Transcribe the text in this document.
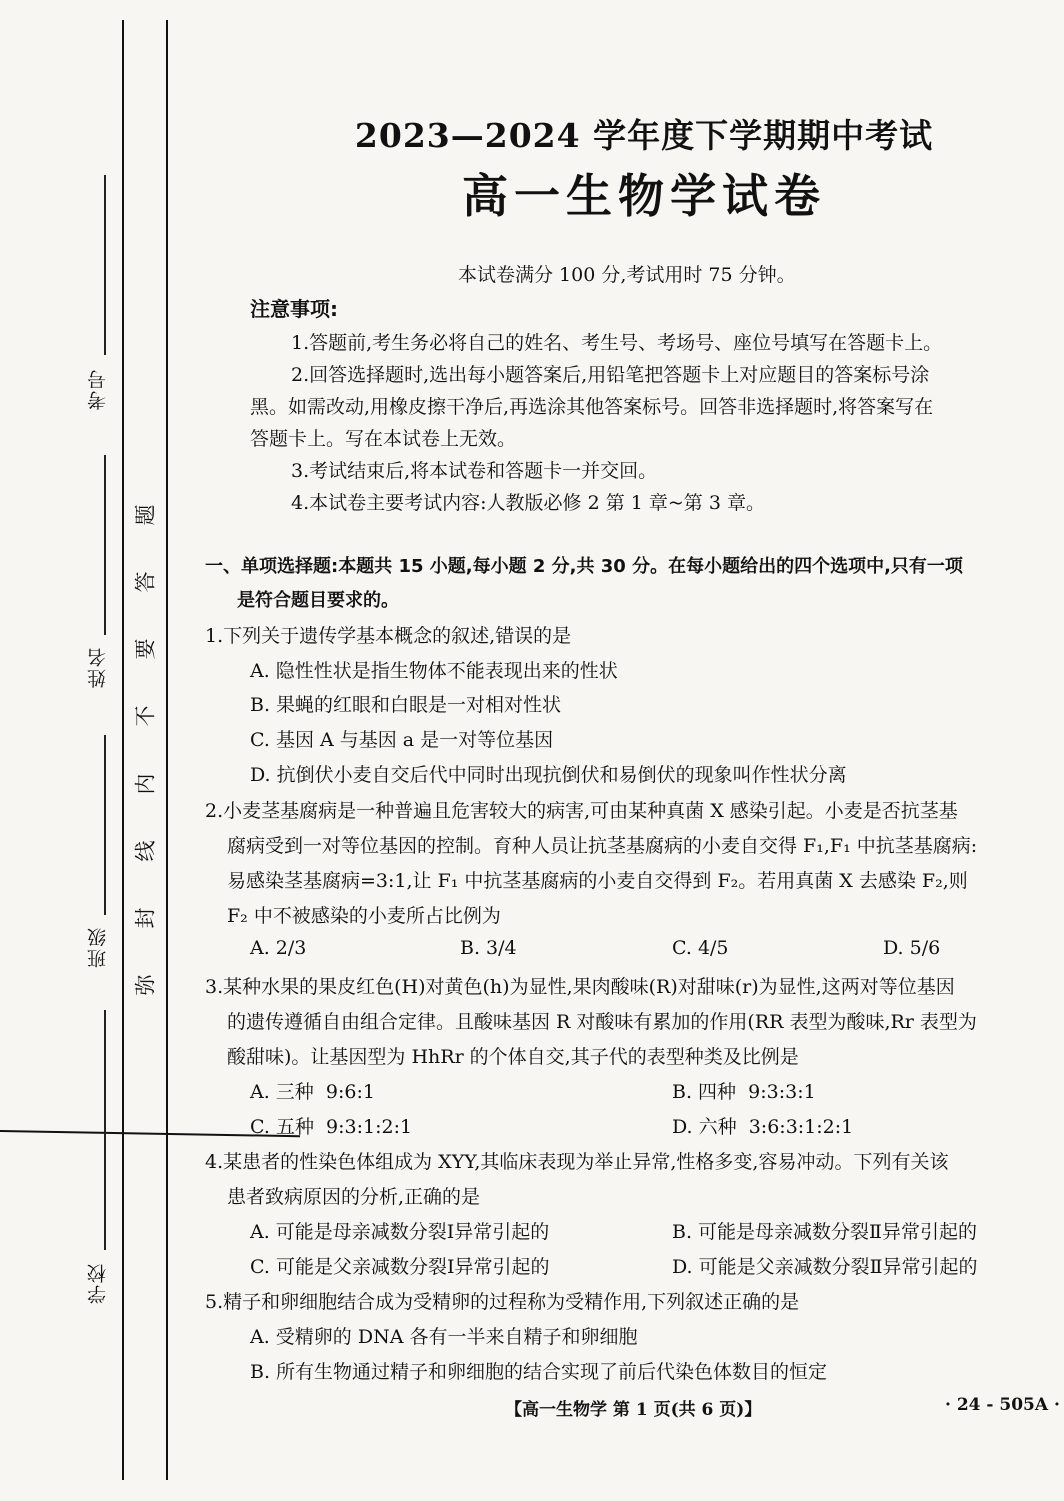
考号
姓名
班级
学校
题
答
要
不
内
线
封
弥
2023—2024 学年度下学期期中考试
高一生物学试卷
本试卷满分 100 分,考试用时 75 分钟。
注意事项:
1.答题前,考生务必将自己的姓名、考生号、考场号、座位号填写在答题卡上。
2.回答选择题时,选出每小题答案后,用铅笔把答题卡上对应题目的答案标号涂
黑。如需改动,用橡皮擦干净后,再选涂其他答案标号。回答非选择题时,将答案写在
答题卡上。写在本试卷上无效。
3.考试结束后,将本试卷和答题卡一并交回。
4.本试卷主要考试内容:人教版必修 2 第 1 章~第 3 章。
一、单项选择题:本题共 15 小题,每小题 2 分,共 30 分。在每小题给出的四个选项中,只有一项
是符合题目要求的。
1.下列关于遗传学基本概念的叙述,错误的是
A. 隐性性状是指生物体不能表现出来的性状
B. 果蝇的红眼和白眼是一对相对性状
C. 基因 A 与基因 a 是一对等位基因
D. 抗倒伏小麦自交后代中同时出现抗倒伏和易倒伏的现象叫作性状分离
2.小麦茎基腐病是一种普遍且危害较大的病害,可由某种真菌 X 感染引起。小麦是否抗茎基
腐病受到一对等位基因的控制。育种人员让抗茎基腐病的小麦自交得 F₁,F₁ 中抗茎基腐病:
易感染茎基腐病=3:1,让 F₁ 中抗茎基腐病的小麦自交得到 F₂。若用真菌 X 去感染 F₂,则
F₂ 中不被感染的小麦所占比例为
A. 2/3	B. 3/4	C. 4/5	D. 5/6
3.某种水果的果皮红色(H)对黄色(h)为显性,果肉酸味(R)对甜味(r)为显性,这两对等位基因
的遗传遵循自由组合定律。且酸味基因 R 对酸味有累加的作用(RR 表型为酸味,Rr 表型为
酸甜味)。让基因型为 HhRr 的个体自交,其子代的表型种类及比例是
A. 三种  9:6:1	B. 四种  9:3:3:1
C. 五种  9:3:1:2:1	D. 六种  3:6:3:1:2:1
4.某患者的性染色体组成为 XYY,其临床表现为举止异常,性格多变,容易冲动。下列有关该
患者致病原因的分析,正确的是
A. 可能是母亲减数分裂Ⅰ异常引起的	B. 可能是母亲减数分裂Ⅱ异常引起的
C. 可能是父亲减数分裂Ⅰ异常引起的	D. 可能是父亲减数分裂Ⅱ异常引起的
5.精子和卵细胞结合成为受精卵的过程称为受精作用,下列叙述正确的是
A. 受精卵的 DNA 各有一半来自精子和卵细胞
B. 所有生物通过精子和卵细胞的结合实现了前后代染色体数目的恒定
【高一生物学 第 1 页(共 6 页)】	· 24 - 505A ·
